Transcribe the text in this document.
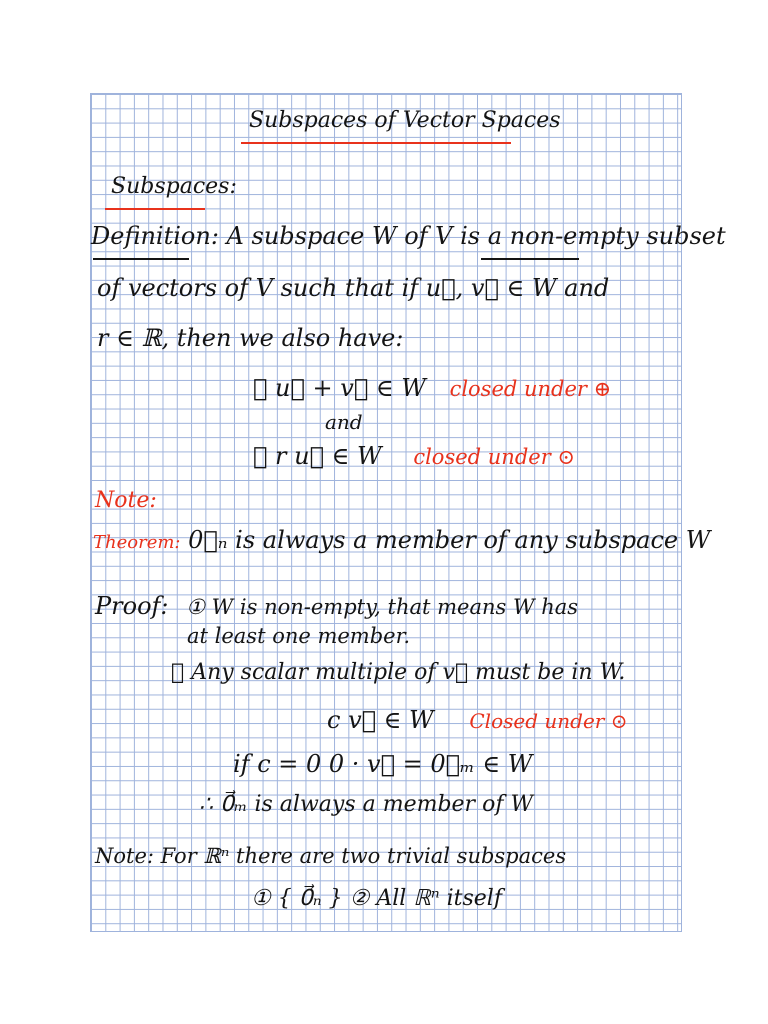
Subspaces of Vector Spaces
Subspaces:
Definition: A subspace W of V is a non-empty subset
of vectors of V such that if u⃗, v⃗ ∈ W and
r ∈ ℝ, then we also have:
① u⃗ + v⃗ ∈ W closed under ⊕
and
② r u⃗ ∈ W closed under ⊙
Note:
Theorem: 0⃗ₙ is always a member of any subspace W
Proof: ① W is non-empty, that means W has
at least one member.
② Any scalar multiple of v⃗ must be in W.
c v⃗ ∈ W Closed under ⊙
if c = 0 0 · v⃗ = 0⃗ₘ ∈ W
∴ 0⃗ₘ is always a member of W
Note: For ℝⁿ there are two trivial subspaces
① { 0⃗ₙ } ② All ℝⁿ itself
